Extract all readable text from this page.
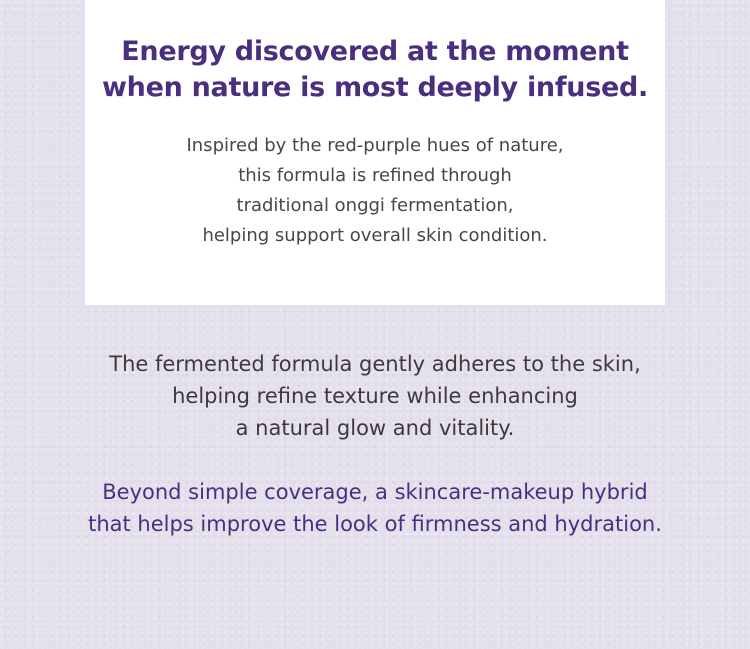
Energy discovered at the moment
when nature is most deeply infused.

Inspired by the red-purple hues of nature,
this formula is refined through
traditional onggi fermentation,
helping support overall skin condition.

The fermented formula gently adheres to the skin,
helping refine texture while enhancing
a natural glow and vitality.

Beyond simple coverage, a skincare-makeup hybrid
that helps improve the look of firmness and hydration.
